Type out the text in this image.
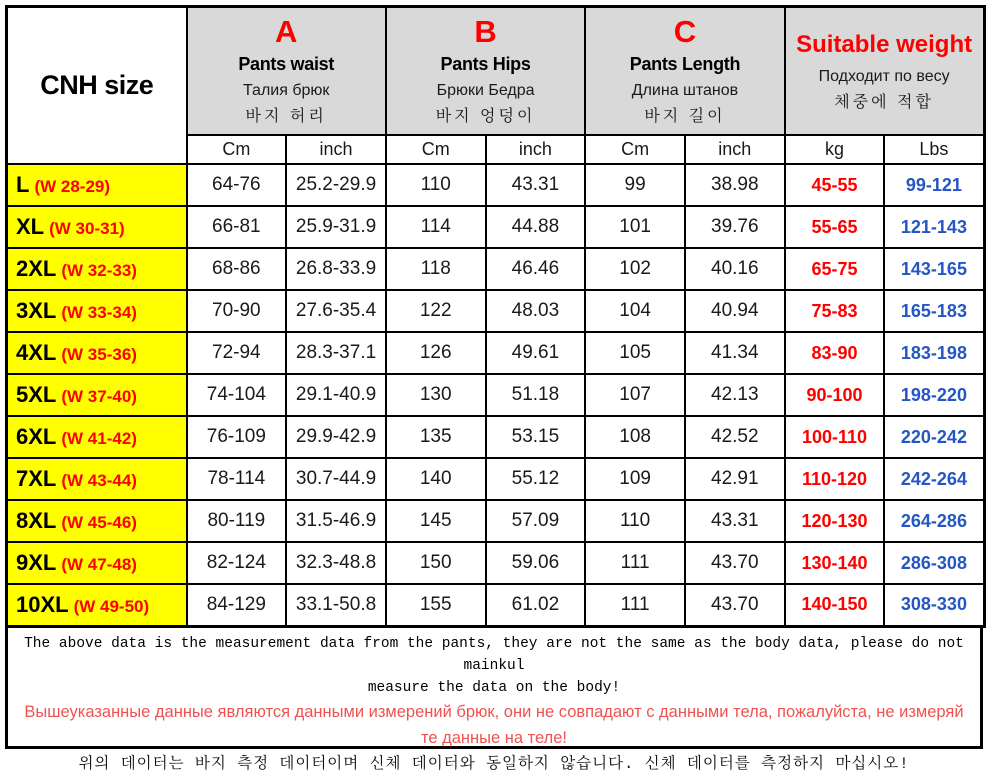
CNH size	
A
Pants waist
Талия брюк
바지 허리

B
Pants Hips
Брюки Бедра
바지 엉덩이

C
Pants Length
Длина штанов
바지 길이

Suitable weight
Подходит по весу
체중에 적합

	Cm	inch	Cm	inch	Cm	inch	kg	Lbs
L (W 28-29)	64-76	25.2-29.9	110	43.31	99	38.98	45-55	99-121
XL (W 30-31)	66-81	25.9-31.9	114	44.88	101	39.76	55-65	121-143
2XL (W 32-33)	68-86	26.8-33.9	118	46.46	102	40.16	65-75	143-165
3XL (W 33-34)	70-90	27.6-35.4	122	48.03	104	40.94	75-83	165-183
4XL (W 35-36)	72-94	28.3-37.1	126	49.61	105	41.34	83-90	183-198
5XL (W 37-40)	74-104	29.1-40.9	130	51.18	107	42.13	90-100	198-220
6XL (W 41-42)	76-109	29.9-42.9	135	53.15	108	42.52	100-110	220-242
7XL (W 43-44)	78-114	30.7-44.9	140	55.12	109	42.91	110-120	242-264
8XL (W 45-46)	80-119	31.5-46.9	145	57.09	110	43.31	120-130	264-286
9XL (W 47-48)	82-124	32.3-48.8	150	59.06	111	43.70	130-140	286-308
10XL (W 49-50)	84-129	33.1-50.8	155	61.02	111	43.70	140-150	308-330
The above data is the measurement data from the pants, they are not the same as the body data, please do not mainkul
measure the data on the body!
Вышеуказанные данные являются данными измерений брюк, они не совпадают с данными тела, пожалуйста, не измеряй
те данные на теле!
위의 데이터는 바지 측정 데이터이며 신체 데이터와 동일하지 않습니다. 신체 데이터를 측정하지 마십시오!
